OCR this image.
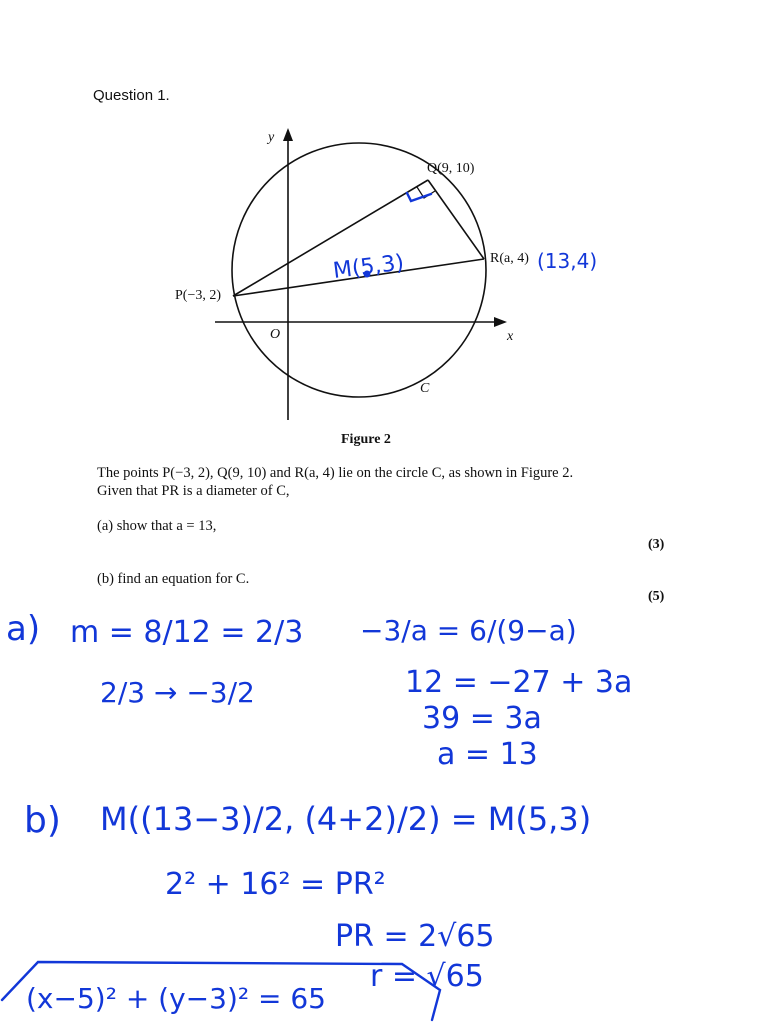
Question 1.
y
x
O
P(−3, 2)
Q(9, 10)
R(a, 4)
C
Figure 2
M(5,3)	(13,4)
The points P(−3, 2), Q(9, 10) and R(a, 4) lie on the circle C, as shown in Figure 2.
Given that PR is a diameter of C,
(a) show that a = 13,
(3)
(b) find an equation for C.
(5)
a) m = 8/12 = 2/3
2/3 → −3/2
−3/a = 6/(9−a)
12 = −27 + 3a
39 = 3a
a = 13
b) M((13−3)/2, (4+2)/2) = M(5,3)
2² + 16² = PR²
PR = 2√65
r = √65
(x−5)² + (y−3)² = 65
